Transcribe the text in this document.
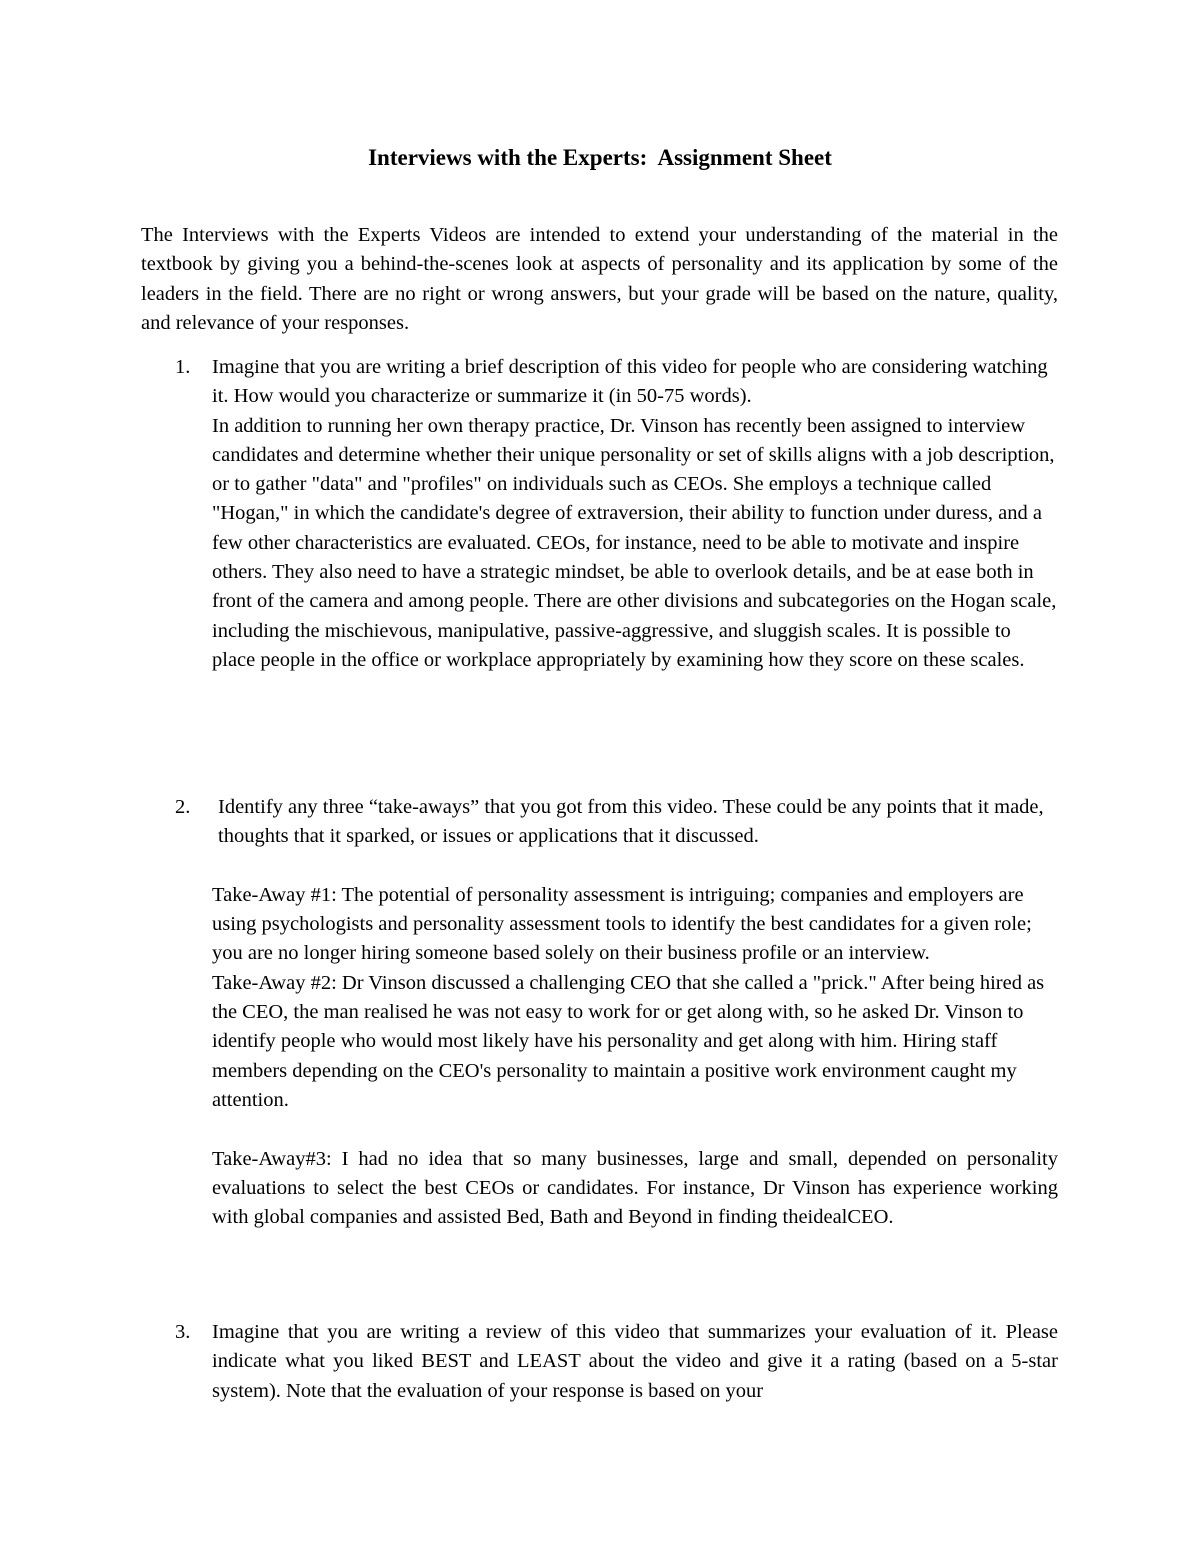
Interviews with the Experts:  Assignment Sheet
The Interviews with the Experts Videos are intended to extend your understanding of the material in the textbook by giving you a behind-the-scenes look at aspects of personality and its application by some of the leaders in the field. There are no right or wrong answers, but your grade will be based on the nature, quality, and relevance of your responses.
1.	Imagine that you are writing a brief description of this video for people who are considering watching it. How would you characterize or summarize it (in 50-75 words).

In addition to running her own therapy practice, Dr. Vinson has recently been assigned to interview candidates and determine whether their unique personality or set of skills aligns with a job description, or to gather "data" and "profiles" on individuals such as CEOs. She employs a technique called "Hogan," in which the candidate's degree of extraversion, their ability to function under duress, and a few other characteristics are evaluated. CEOs, for instance, need to be able to motivate and inspire others. They also need to have a strategic mindset, be able to overlook details, and be at ease both in front of the camera and among people. There are other divisions and subcategories on the Hogan scale, including the mischievous, manipulative, passive-aggressive, and sluggish scales. It is possible to place people in the office or workplace appropriately by examining how they score on these scales.

2.	Identify any three “take-aways” that you got from this video. These could be any points that it made, thoughts that it sparked, or issues or applications that it discussed.

Take-Away #1: The potential of personality assessment is intriguing; companies and employers are using psychologists and personality assessment tools to identify the best candidates for a given role; you are no longer hiring someone based solely on their business profile or an interview.

Take-Away #2: Dr Vinson discussed a challenging CEO that she called a "prick." After being hired as the CEO, the man realised he was not easy to work for or get along with, so he asked Dr. Vinson to identify people who would most likely have his personality and get along with him. Hiring staff members depending on the CEO's personality to maintain a positive work environment caught my attention.

Take-Away#3: I had no idea that so many businesses, large and small, depended on personality evaluations to select the best CEOs or candidates. For instance, Dr Vinson has experience working with global companies and assisted Bed, Bath and Beyond in finding theidealCEO.

3.	Imagine that you are writing a review of this video that summarizes your evaluation of it. Please indicate what you liked BEST and LEAST about the video and give it a rating (based on a 5-star system). Note that the evaluation of your response is based on your
